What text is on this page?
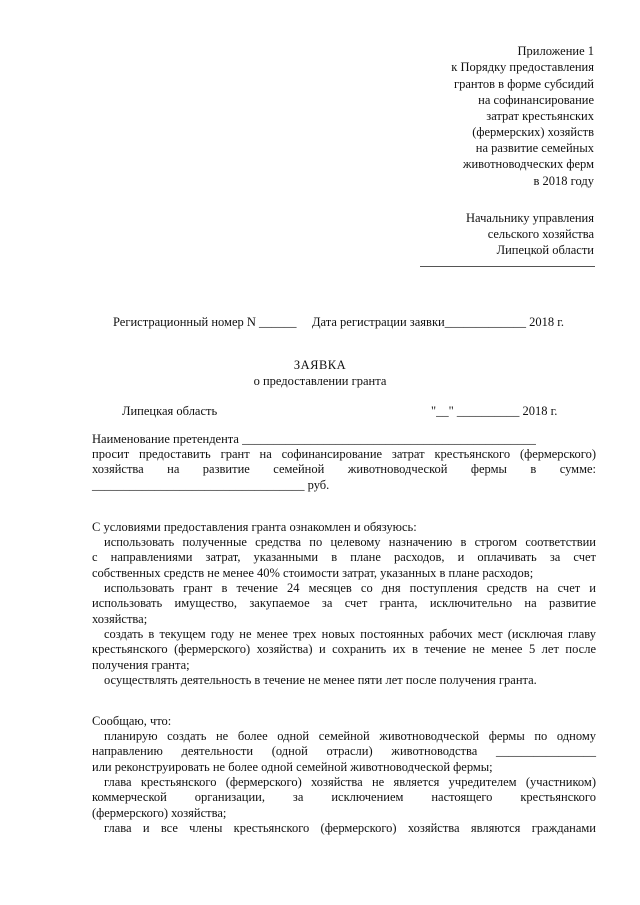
Приложение 1
к Порядку предоставления
грантов в форме субсидий
на софинансирование
затрат крестьянских
(фермерских) хозяйств
на развитие семейных
животноводческих ферм
в 2018 году
Начальнику управления
сельского хозяйства
Липецкой области
Регистрационный номер N ______ Дата регистрации заявки_____________ 2018 г.
ЗАЯВКА
о предоставлении гранта
Липецкая область	"__" __________ 2018 г.
Наименование претендента _______________________________________________
просит предоставить грант на софинансирование затрат крестьянского (фермерского)
хозяйства на развитие семейной животноводческой фермы в сумме:
__________________________________ руб.
С условиями предоставления гранта ознакомлен и обязуюсь:
использовать полученные средства по целевому назначению в строгом соответствии
с направлениями затрат, указанными в плане расходов, и оплачивать за счет
собственных средств не менее 40% стоимости затрат, указанных в плане расходов;
использовать грант в течение 24 месяцев со дня поступления средств на счет и
использовать имущество, закупаемое за счет гранта, исключительно на развитие
хозяйства;
создать в текущем году не менее трех новых постоянных рабочих мест (исключая главу
крестьянского (фермерского) хозяйства) и сохранить их в течение не менее 5 лет после
получения гранта;
осуществлять деятельность в течение не менее пяти лет после получения гранта.
Сообщаю, что:
планирую создать не более одной семейной животноводческой фермы по одному
направлению деятельности (одной отрасли) животноводства ________________
или реконструировать не более одной семейной животноводческой фермы;
глава крестьянского (фермерского) хозяйства не является учредителем (участником)
коммерческой организации, за исключением настоящего крестьянского
(фермерского) хозяйства;
глава и все члены крестьянского (фермерского) хозяйства являются гражданами
